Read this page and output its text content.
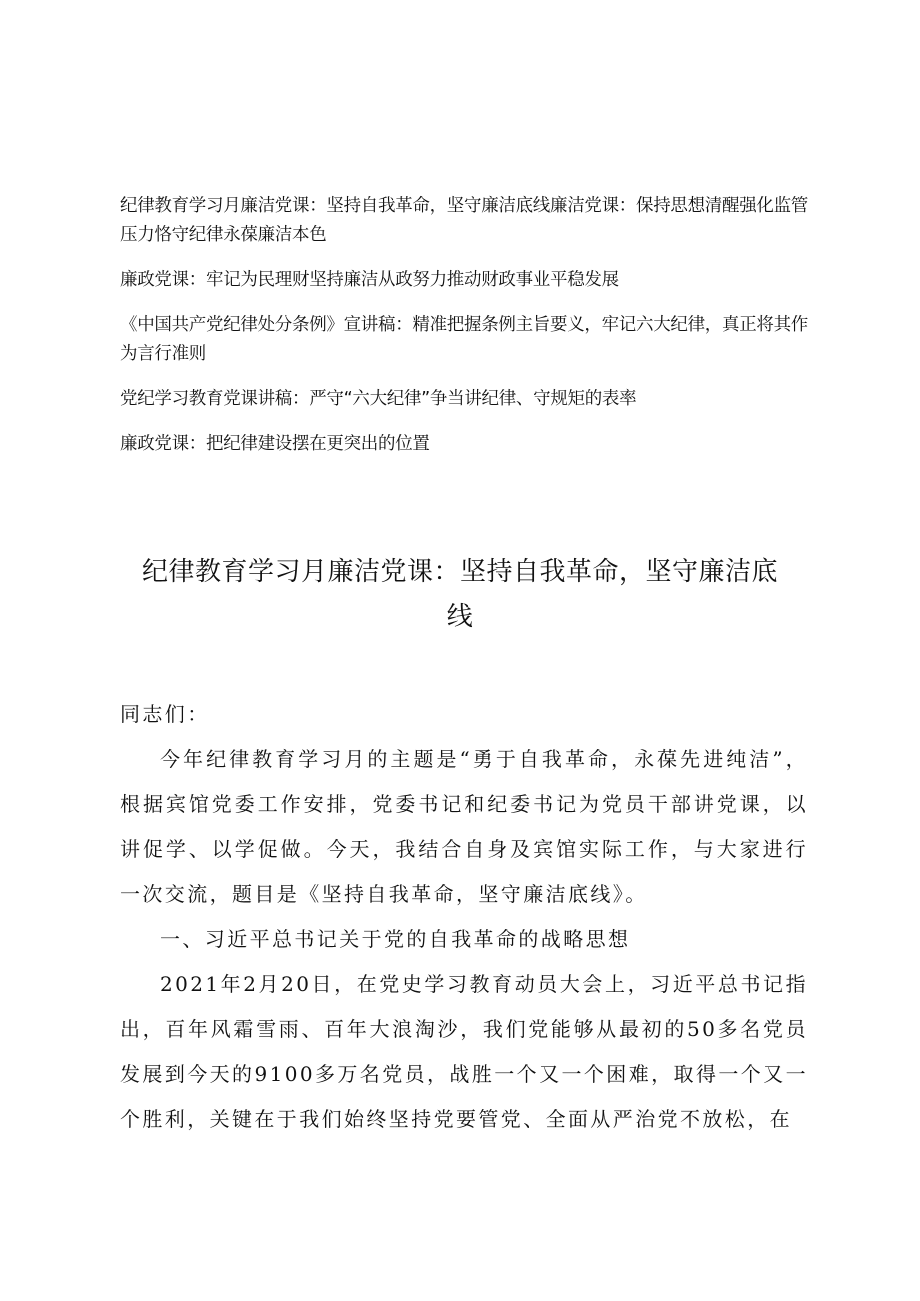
纪律教育学习月廉洁党课：坚持自我革命，坚守廉洁底线廉洁党课：保持思想清醒强化监管压力恪守纪律永葆廉洁本色

廉政党课：牢记为民理财坚持廉洁从政努力推动财政事业平稳发展

《中国共产党纪律处分条例》宣讲稿：精准把握条例主旨要义，牢记六大纪律，真正将其作为言行准则

党纪学习教育党课讲稿：严守“六大纪律”争当讲纪律、守规矩的表率

廉政党课：把纪律建设摆在更突出的位置

纪律教育学习月廉洁党课：坚持自我革命，坚守廉洁底线

同志们：

今年纪律教育学习月的主题是“勇于自我革命，永葆先进纯洁”，根据宾馆党委工作安排，党委书记和纪委书记为党员干部讲党课，以讲促学、以学促做。今天，我结合自身及宾馆实际工作，与大家进行一次交流，题目是《坚持自我革命，坚守廉洁底线》。

一、习近平总书记关于党的自我革命的战略思想

2021年2月20日，在党史学习教育动员大会上，习近平总书记指出，百年风霜雪雨、百年大浪淘沙，我们党能够从最初的50多名党员发展到今天的9100多万名党员，战胜一个又一个困难，取得一个又一个胜利，关键在于我们始终坚持党要管党、全面从严治党不放松，在
